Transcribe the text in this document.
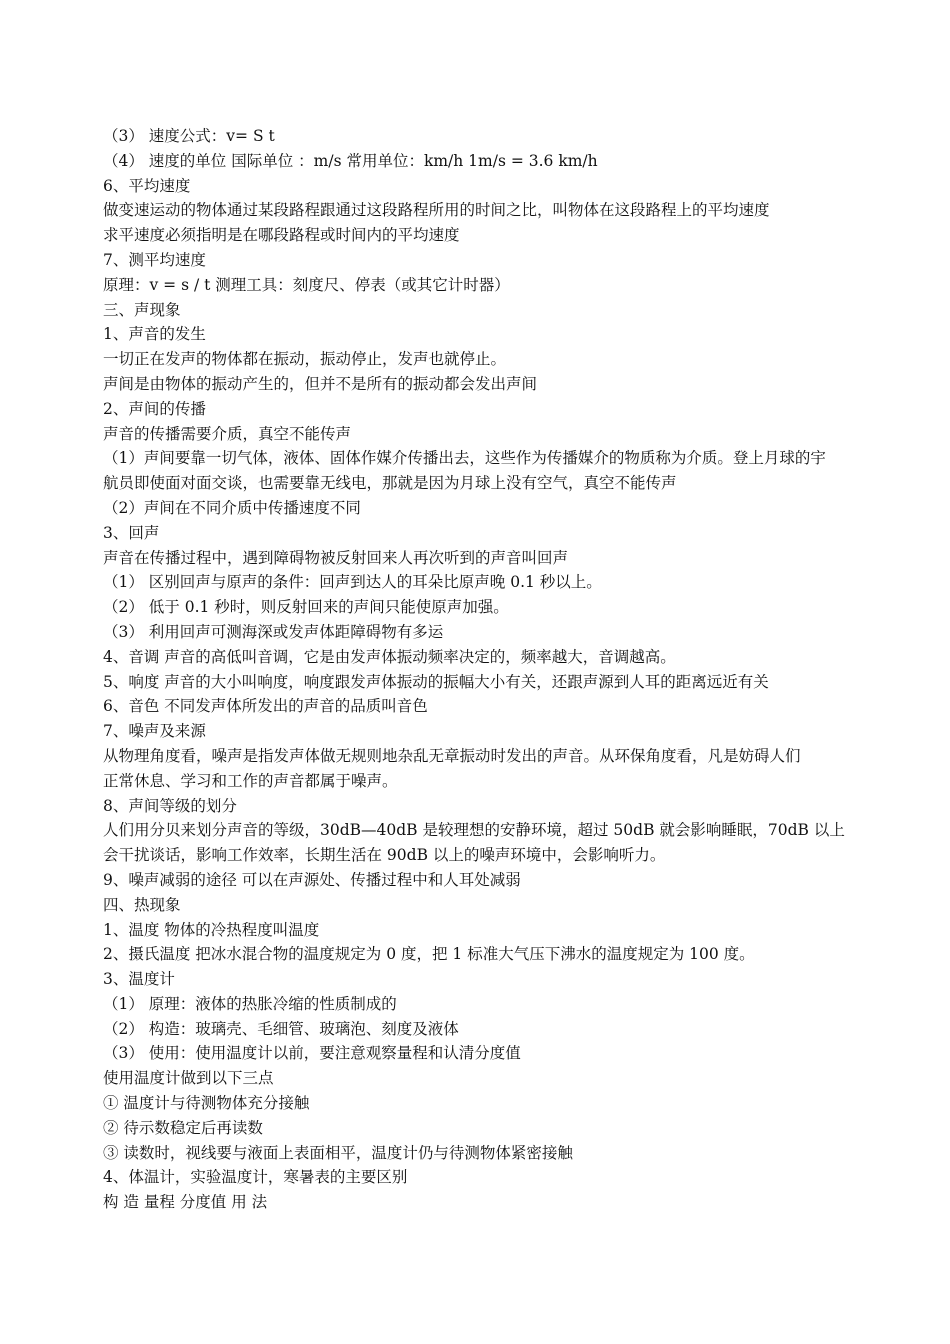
（3） 速度公式：v= S t
（4） 速度的单位 国际单位 ：m/s 常用单位：km/h 1m/s = 3.6 km/h
6、平均速度
做变速运动的物体通过某段路程跟通过这段路程所用的时间之比，叫物体在这段路程上的平均速度
求平速度必须指明是在哪段路程或时间内的平均速度
7、测平均速度
原理：v = s / t 测理工具：刻度尺、停表（或其它计时器）
三、声现象
1、声音的发生
一切正在发声的物体都在振动，振动停止，发声也就停止。
声间是由物体的振动产生的，但并不是所有的振动都会发出声间
2、声间的传播
声音的传播需要介质，真空不能传声
（1）声间要靠一切气体，液体、固体作媒介传播出去，这些作为传播媒介的物质称为介质。登上月球的宇
航员即使面对面交谈，也需要靠无线电，那就是因为月球上没有空气，真空不能传声
（2）声间在不同介质中传播速度不同
3、回声
声音在传播过程中，遇到障碍物被反射回来人再次听到的声音叫回声
（1） 区别回声与原声的条件：回声到达人的耳朵比原声晚 0.1 秒以上。
（2） 低于 0.1 秒时，则反射回来的声间只能使原声加强。
（3） 利用回声可测海深或发声体距障碍物有多运
4、音调 声音的高低叫音调，它是由发声体振动频率决定的，频率越大，音调越高。
5、响度 声音的大小叫响度，响度跟发声体振动的振幅大小有关，还跟声源到人耳的距离远近有关
6、音色 不同发声体所发出的声音的品质叫音色
7、噪声及来源
从物理角度看，噪声是指发声体做无规则地杂乱无章振动时发出的声音。从环保角度看，凡是妨碍人们
正常休息、学习和工作的声音都属于噪声。
8、声间等级的划分
人们用分贝来划分声音的等级，30dB—40dB 是较理想的安静环境，超过 50dB 就会影响睡眠，70dB 以上
会干扰谈话，影响工作效率，长期生活在 90dB 以上的噪声环境中，会影响听力。
9、噪声减弱的途径 可以在声源处、传播过程中和人耳处减弱
四、热现象
1、温度 物体的冷热程度叫温度
2、摄氏温度 把冰水混合物的温度规定为 0 度，把 1 标准大气压下沸水的温度规定为 100 度。
3、温度计
（1） 原理：液体的热胀冷缩的性质制成的
（2） 构造：玻璃壳、毛细管、玻璃泡、刻度及液体
（3） 使用：使用温度计以前，要注意观察量程和认清分度值
使用温度计做到以下三点
① 温度计与待测物体充分接触
② 待示数稳定后再读数
③ 读数时，视线要与液面上表面相平，温度计仍与待测物体紧密接触
4、体温计，实验温度计，寒暑表的主要区别
构 造 量程 分度值 用 法
